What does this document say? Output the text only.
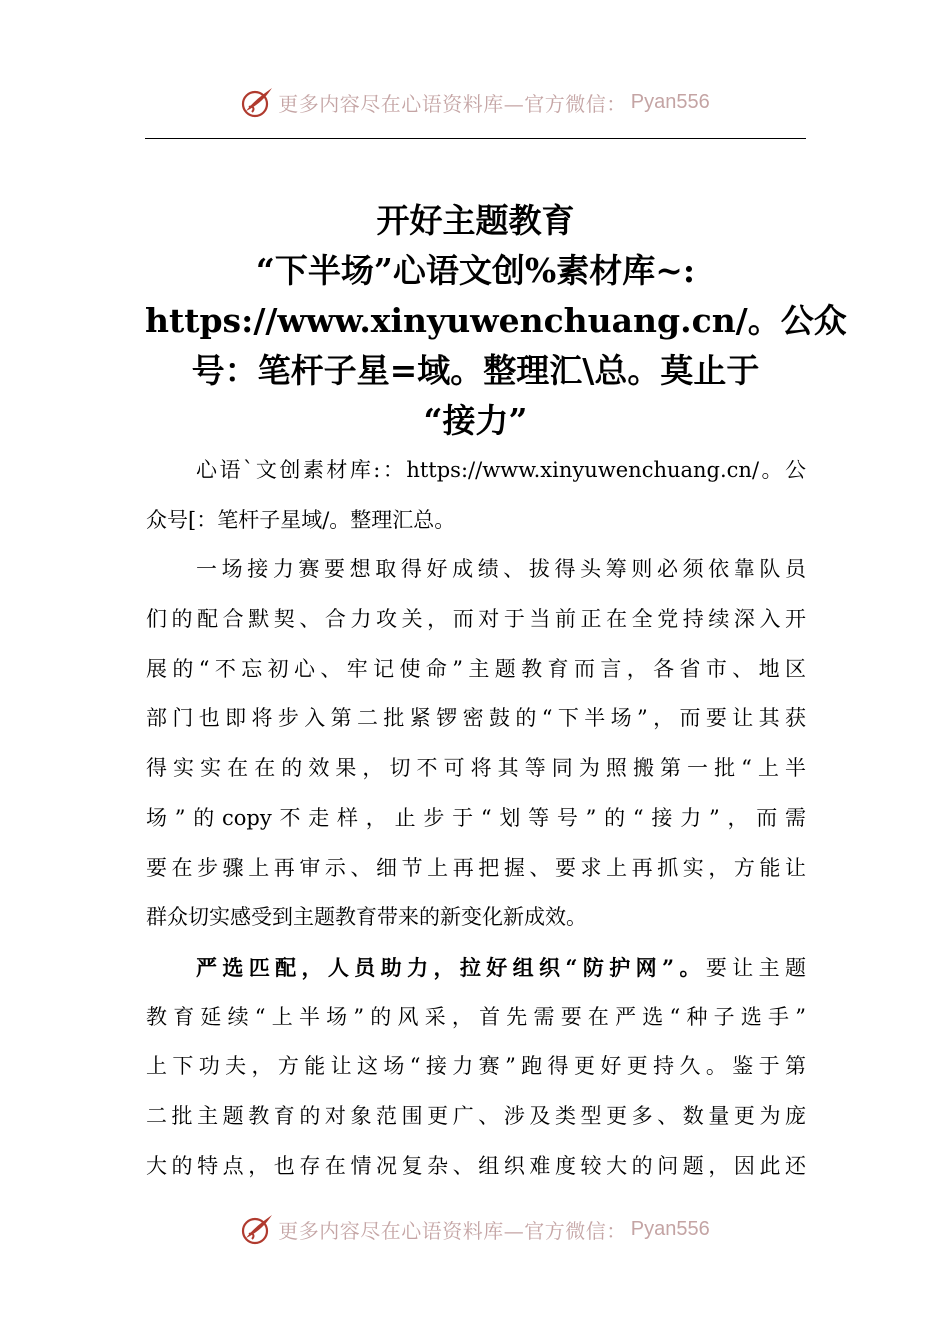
更多内容尽在心语资料库—官方微信： Pyan556
开好主题教育
“下半场”心语文创%素材库~:
https://www.xinyuwenchuang.cn/。公众
号：笔杆子星=域。整理汇\总。莫止于
“接力”
心语`文创素材库:：https://www.xinyuwenchuang.cn/。公
众号[：笔杆子星域/。整理汇总。
一场接力赛要想取得好成绩、拔得头筹则必须依靠队员
们的配合默契、合力攻关，而对于当前正在全党持续深入开
展的“不忘初心、牢记使命”主题教育而言，各省市、地区
部门也即将步入第二批紧锣密鼓的“下半场”，而要让其获
得实实在在的效果，切不可将其等同为照搬第一批“上半
场”的copy不走样，止步于“划等号”的“接力”，而需
要在步骤上再审示、细节上再把握、要求上再抓实，方能让
群众切实感受到主题教育带来的新变化新成效。
严选匹配，人员助力，拉好组织“防护网”。要让主题
教育延续“上半场”的风采，首先需要在严选“种子选手”
上下功夫，方能让这场“接力赛”跑得更好更持久。鉴于第
二批主题教育的对象范围更广、涉及类型更多、数量更为庞
大的特点，也存在情况复杂、组织难度较大的问题，因此还
更多内容尽在心语资料库—官方微信： Pyan556
